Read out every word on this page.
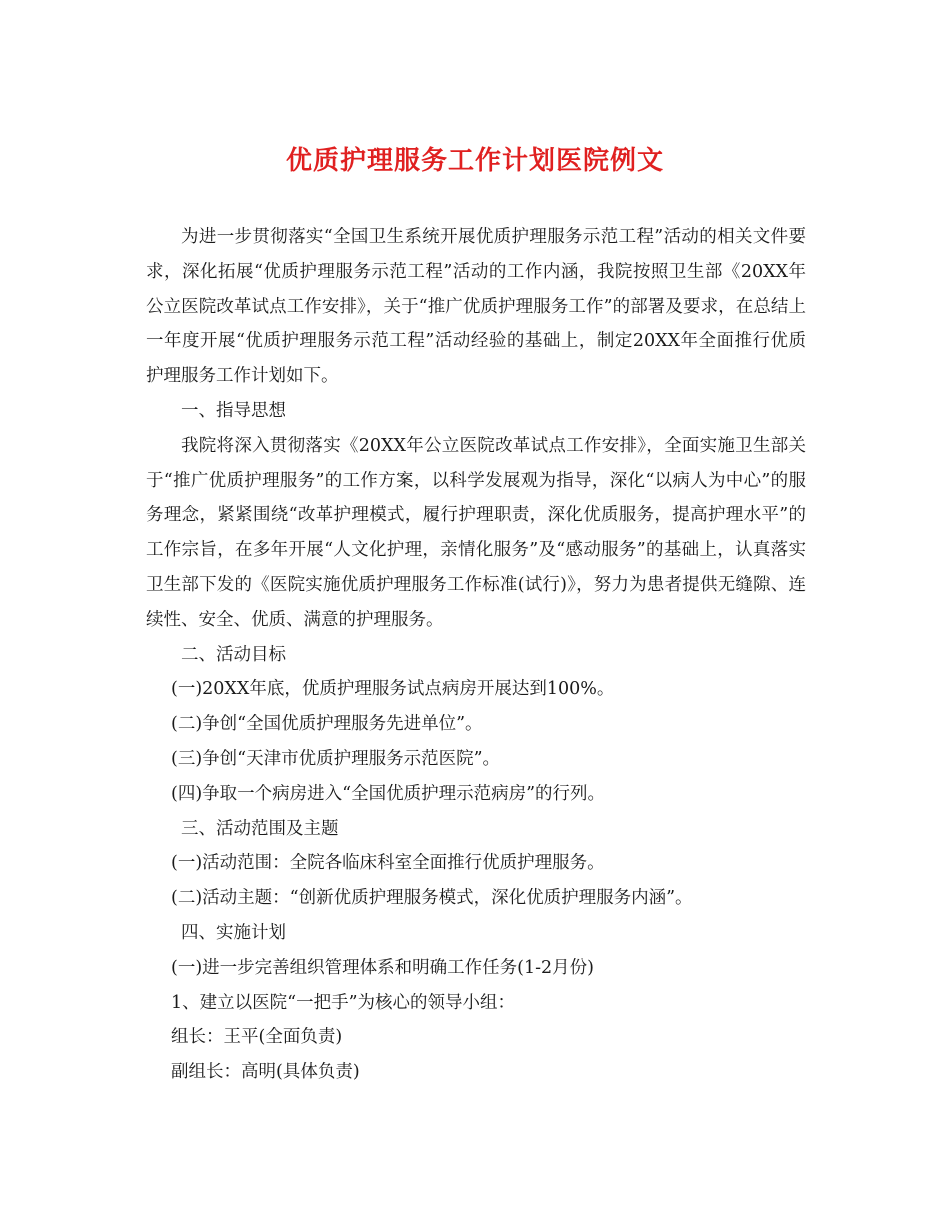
优质护理服务工作计划医院例文

为进一步贯彻落实“全国卫生系统开展优质护理服务示范工程”活动的相关文件要求，深化拓展“优质护理服务示范工程”活动的工作内涵，我院按照卫生部《20XX年公立医院改革试点工作安排》，关于“推广优质护理服务工作”的部署及要求，在总结上一年度开展“优质护理服务示范工程”活动经验的基础上，制定20XX年全面推行优质护理服务工作计划如下。

一、指导思想

我院将深入贯彻落实《20XX年公立医院改革试点工作安排》，全面实施卫生部关于“推广优质护理服务”的工作方案，以科学发展观为指导，深化“以病人为中心”的服务理念，紧紧围绕“改革护理模式，履行护理职责，深化优质服务，提高护理水平”的工作宗旨，在多年开展“人文化护理，亲情化服务”及“感动服务”的基础上，认真落实卫生部下发的《医院实施优质护理服务工作标准(试行)》，努力为患者提供无缝隙、连续性、安全、优质、满意的护理服务。

二、活动目标

(一)20XX年底，优质护理服务试点病房开展达到100%。

(二)争创“全国优质护理服务先进单位”。

(三)争创“天津市优质护理服务示范医院”。

(四)争取一个病房进入“全国优质护理示范病房”的行列。

三、活动范围及主题

(一)活动范围：全院各临床科室全面推行优质护理服务。

(二)活动主题：“创新优质护理服务模式，深化优质护理服务内涵”。

四、实施计划

(一)进一步完善组织管理体系和明确工作任务(1-2月份)

1、建立以医院“一把手”为核心的领导小组：

组长：王平(全面负责)

副组长：高明(具体负责)
